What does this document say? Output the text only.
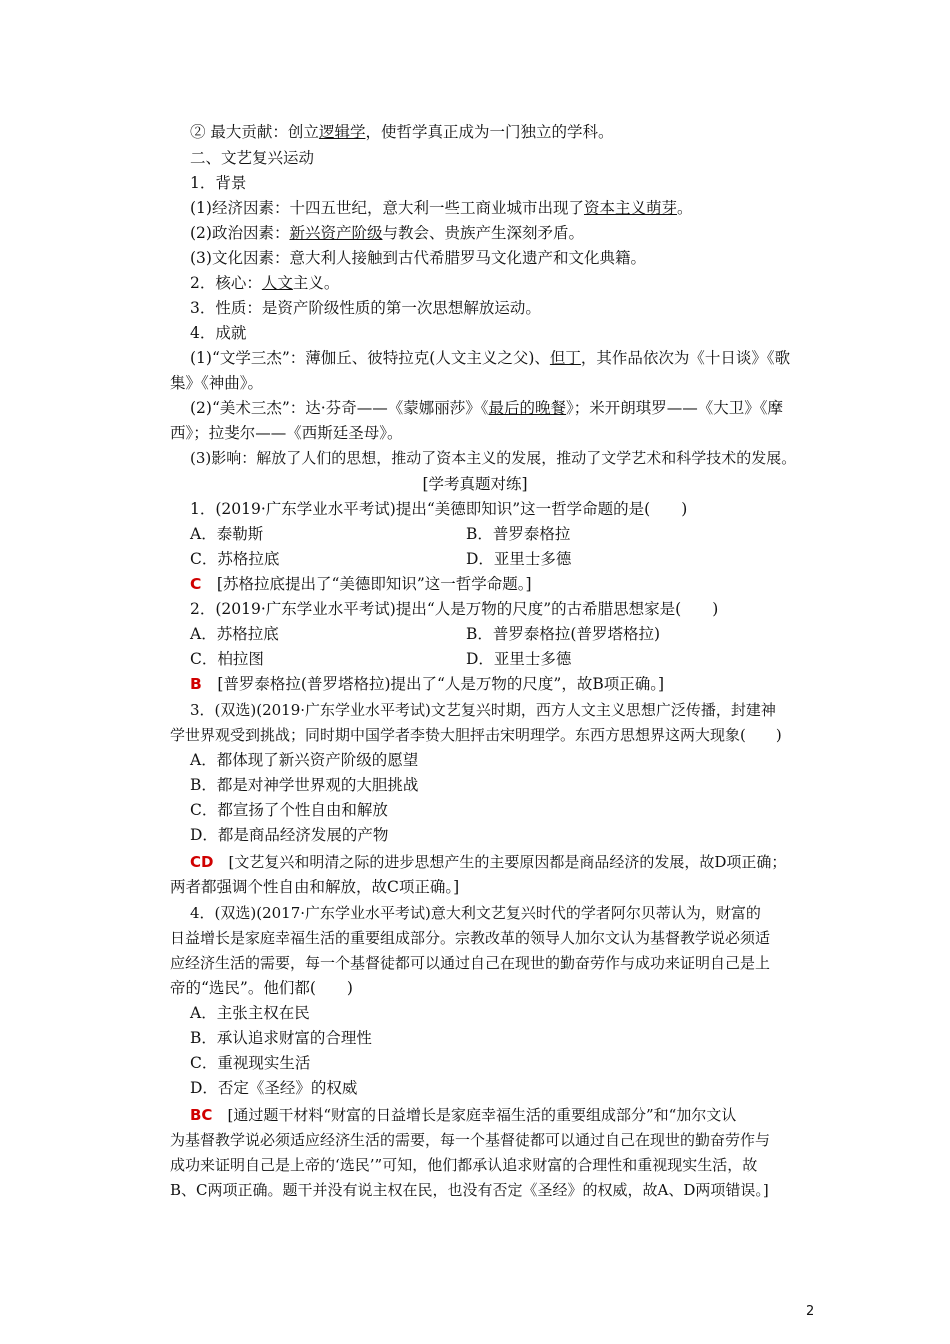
② 最大贡献：创立逻辑学，使哲学真正成为一门独立的学科。
二、文艺复兴运动
1．背景
(1)经济因素：十四五世纪，意大利一些工商业城市出现了资本主义萌芽。
(2)政治因素：新兴资产阶级与教会、贵族产生深刻矛盾。
(3)文化因素：意大利人接触到古代希腊罗马文化遗产和文化典籍。
2．核心：人文主义。
3．性质：是资产阶级性质的第一次思想解放运动。
4．成就
(1)“文学三杰”：薄伽丘、彼特拉克(人文主义之父)、但丁，其作品依次为《十日谈》《歌
集》《神曲》。
(2)“美术三杰”：达·芬奇——《蒙娜丽莎》《最后的晚餐》；米开朗琪罗——《大卫》《摩
西》；拉斐尔——《西斯廷圣母》。
(3)影响：解放了人们的思想，推动了资本主义的发展，推动了文学艺术和科学技术的发展。
[学考真题对练]
1．(2019·广东学业水平考试)提出“美德即知识”这一哲学命题的是(　　)
A．泰勒斯	B．普罗泰格拉
C．苏格拉底	D．亚里士多德
C　 [苏格拉底提出了“美德即知识”这一哲学命题。]
2．(2019·广东学业水平考试)提出“人是万物的尺度”的古希腊思想家是(　　)
A．苏格拉底	B．普罗泰格拉(普罗塔格拉)
C．柏拉图	D．亚里士多德
B　 [普罗泰格拉(普罗塔格拉)提出了“人是万物的尺度”，故B项正确。]
3．(双选)(2019·广东学业水平考试)文艺复兴时期，西方人文主义思想广泛传播，封建神
学世界观受到挑战；同时期中国学者李贽大胆抨击宋明理学。东西方思想界这两大现象(　　)
A．都体现了新兴资产阶级的愿望
B．都是对神学世界观的大胆挑战
C．都宣扬了个性自由和解放
D．都是商品经济发展的产物
CD　 [文艺复兴和明清之际的进步思想产生的主要原因都是商品经济的发展，故D项正确；
两者都强调个性自由和解放，故C项正确。]
4．(双选)(2017·广东学业水平考试)意大利文艺复兴时代的学者阿尔贝蒂认为，财富的
日益增长是家庭幸福生活的重要组成部分。宗教改革的领导人加尔文认为基督教学说必须适
应经济生活的需要，每一个基督徒都可以通过自己在现世的勤奋劳作与成功来证明自己是上
帝的“选民”。他们都(　　)
A．主张主权在民
B．承认追求财富的合理性
C．重视现实生活
D．否定《圣经》的权威
BC　 [通过题干材料“财富的日益增长是家庭幸福生活的重要组成部分”和“加尔文认
为基督教学说必须适应经济生活的需要，每一个基督徒都可以通过自己在现世的勤奋劳作与
成功来证明自己是上帝的‘选民’”可知，他们都承认追求财富的合理性和重视现实生活，故
B、C两项正确。题干并没有说主权在民，也没有否定《圣经》的权威，故A、D两项错误。]
2
